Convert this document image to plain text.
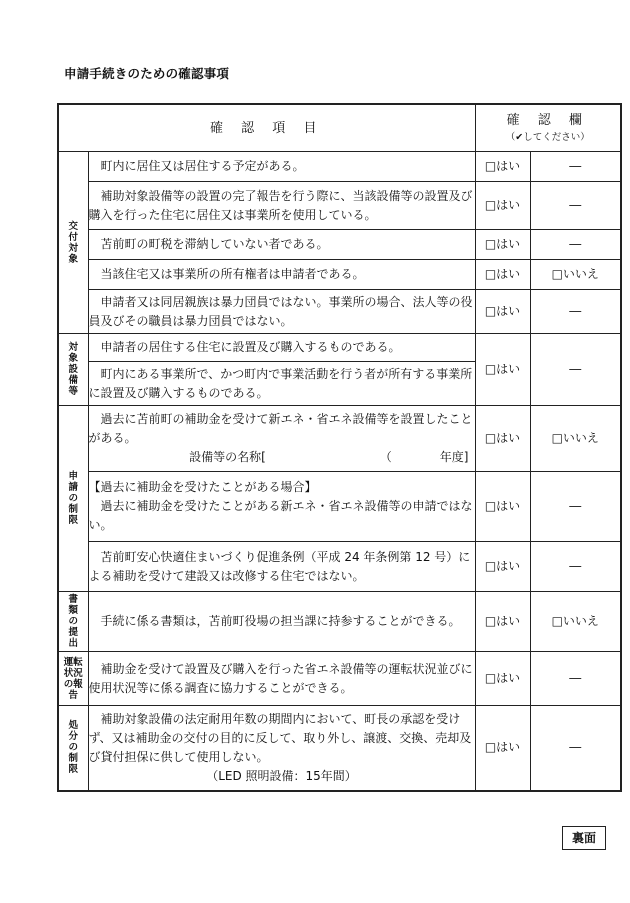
申請手続きのための確認事項
確 認 項 目		確 認 欄
（✔してください）	

交付対象	町内に居住又は居住する予定がある。	□はい	―
	補助対象設備等の設置の完了報告を行う際に、当該設備等の設置及び購入を行った住宅に居住又は事業所を使用している。	□はい	―
	苫前町の町税を滞納していない者である。	□はい	―
	当該住宅又は事業所の所有権者は申請者である。	□はい	□いいえ
	申請者又は同居親族は暴力団員ではない。事業所の場合、法人等の役員及びその職員は暴力団員ではない。	□はい	―
対象設備等	申請者の居住する住宅に設置及び購入するものである。	□はい	―
	町内にある事業所で、かつ町内で事業活動を行う者が所有する事業所に設置及び購入するものである。		
申請の制限	過去に苫前町の補助金を受けて新エネ・省エネ設備等を設置したことがある。
設備等の名称[　　　　　　　　　　（　　　　年度]	□はい	□いいえ

	【過去に補助金を受けたことがある場合】
過去に補助金を受けたことがある新エネ・省エネ設備等の申請ではない。	□はい	―
	苫前町安心快適住まいづくり促進条例（平成 24 年条例第 12 号）による補助を受けて建設又は改修する住宅ではない。	□はい	―
書類の提出	手続に係る書類は，苫前町役場の担当課に持参することができる。	□はい	□いいえ
運転状況の報告	補助金を受けて設置及び購入を行った省エネ設備等の運転状況並びに使用状況等に係る調査に協力することができる。	□はい	―
処分の制限	補助対象設備の法定耐用年数の期間内において、町長の承認を受けず、又は補助金の交付の目的に反して、取り外し、譲渡、交換、売却及び貸付担保に供して使用しない。
（LED 照明設備：15年間）	□はい	―
裏面
